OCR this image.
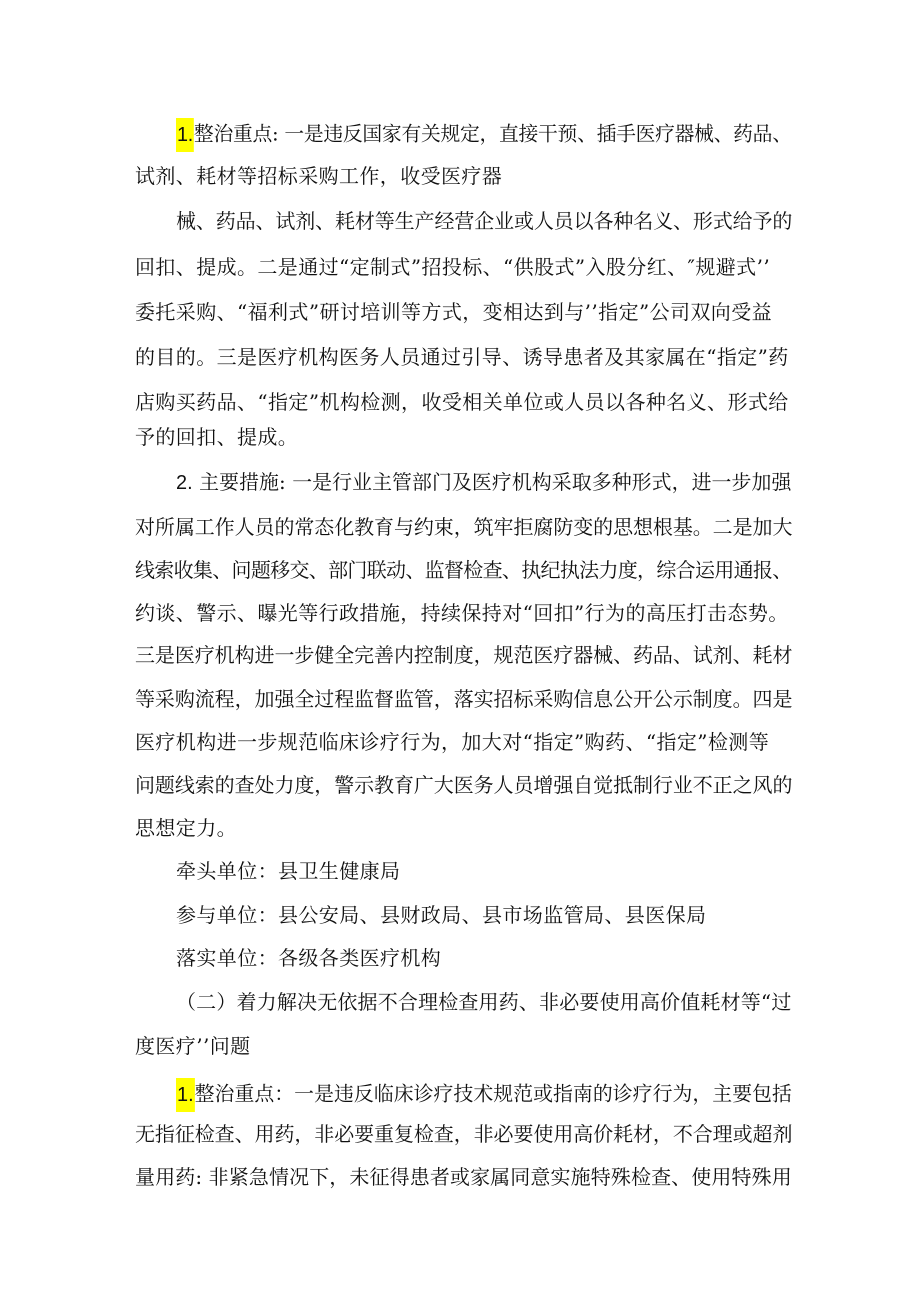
1.整治重点: 一是违反国家有关规定，直接干预、插手医疗器械、药品、
试剂、耗材等招标采购工作，收受医疗器
械、药品、试剂、耗材等生产经营企业或人员以各种名义、形式给予的
回扣、提成。二是通过“定制式”招投标、“供股式”入股分红、″规避式’’
委托采购、“福利式”研讨培训等方式，变相达到与’’指定”公司双向受益
的目的。三是医疗机构医务人员通过引导、诱导患者及其家属在“指定”药
店购买药品、“指定”机构检测，收受相关单位或人员以各种名义、形式给
予的回扣、提成。
2. 主要措施: 一是行业主管部门及医疗机构采取多种形式，进一步加强
对所属工作人员的常态化教育与约束，筑牢拒腐防变的思想根基。二是加大
线索收集、问题移交、部门联动、监督检查、执纪执法力度，综合运用通报、
约谈、警示、曝光等行政措施，持续保持对“回扣”行为的高压打击态势。
三是医疗机构进一步健全完善内控制度，规范医疗器械、药品、试剂、耗材
等采购流程，加强全过程监督监管，落实招标采购信息公开公示制度。四是
医疗机构进一步规范临床诊疗行为，加大对“指定”购药、“指定”检测等
问题线索的查处力度，警示教育广大医务人员增强自觉抵制行业不正之风的
思想定力。
牵头单位：县卫生健康局
参与单位：县公安局、县财政局、县市场监管局、县医保局
落实单位：各级各类医疗机构
（二）着力解决无依据不合理检查用药、非必要使用高价值耗材等“过
度医疗’’问题
1.整治重点：一是违反临床诊疗技术规范或指南的诊疗行为，主要包括
无指征检查、用药，非必要重复检查，非必要使用高价耗材，不合理或超剂
量用药: 非紧急情况下，未征得患者或家属同意实施特殊检查、使用特殊用
